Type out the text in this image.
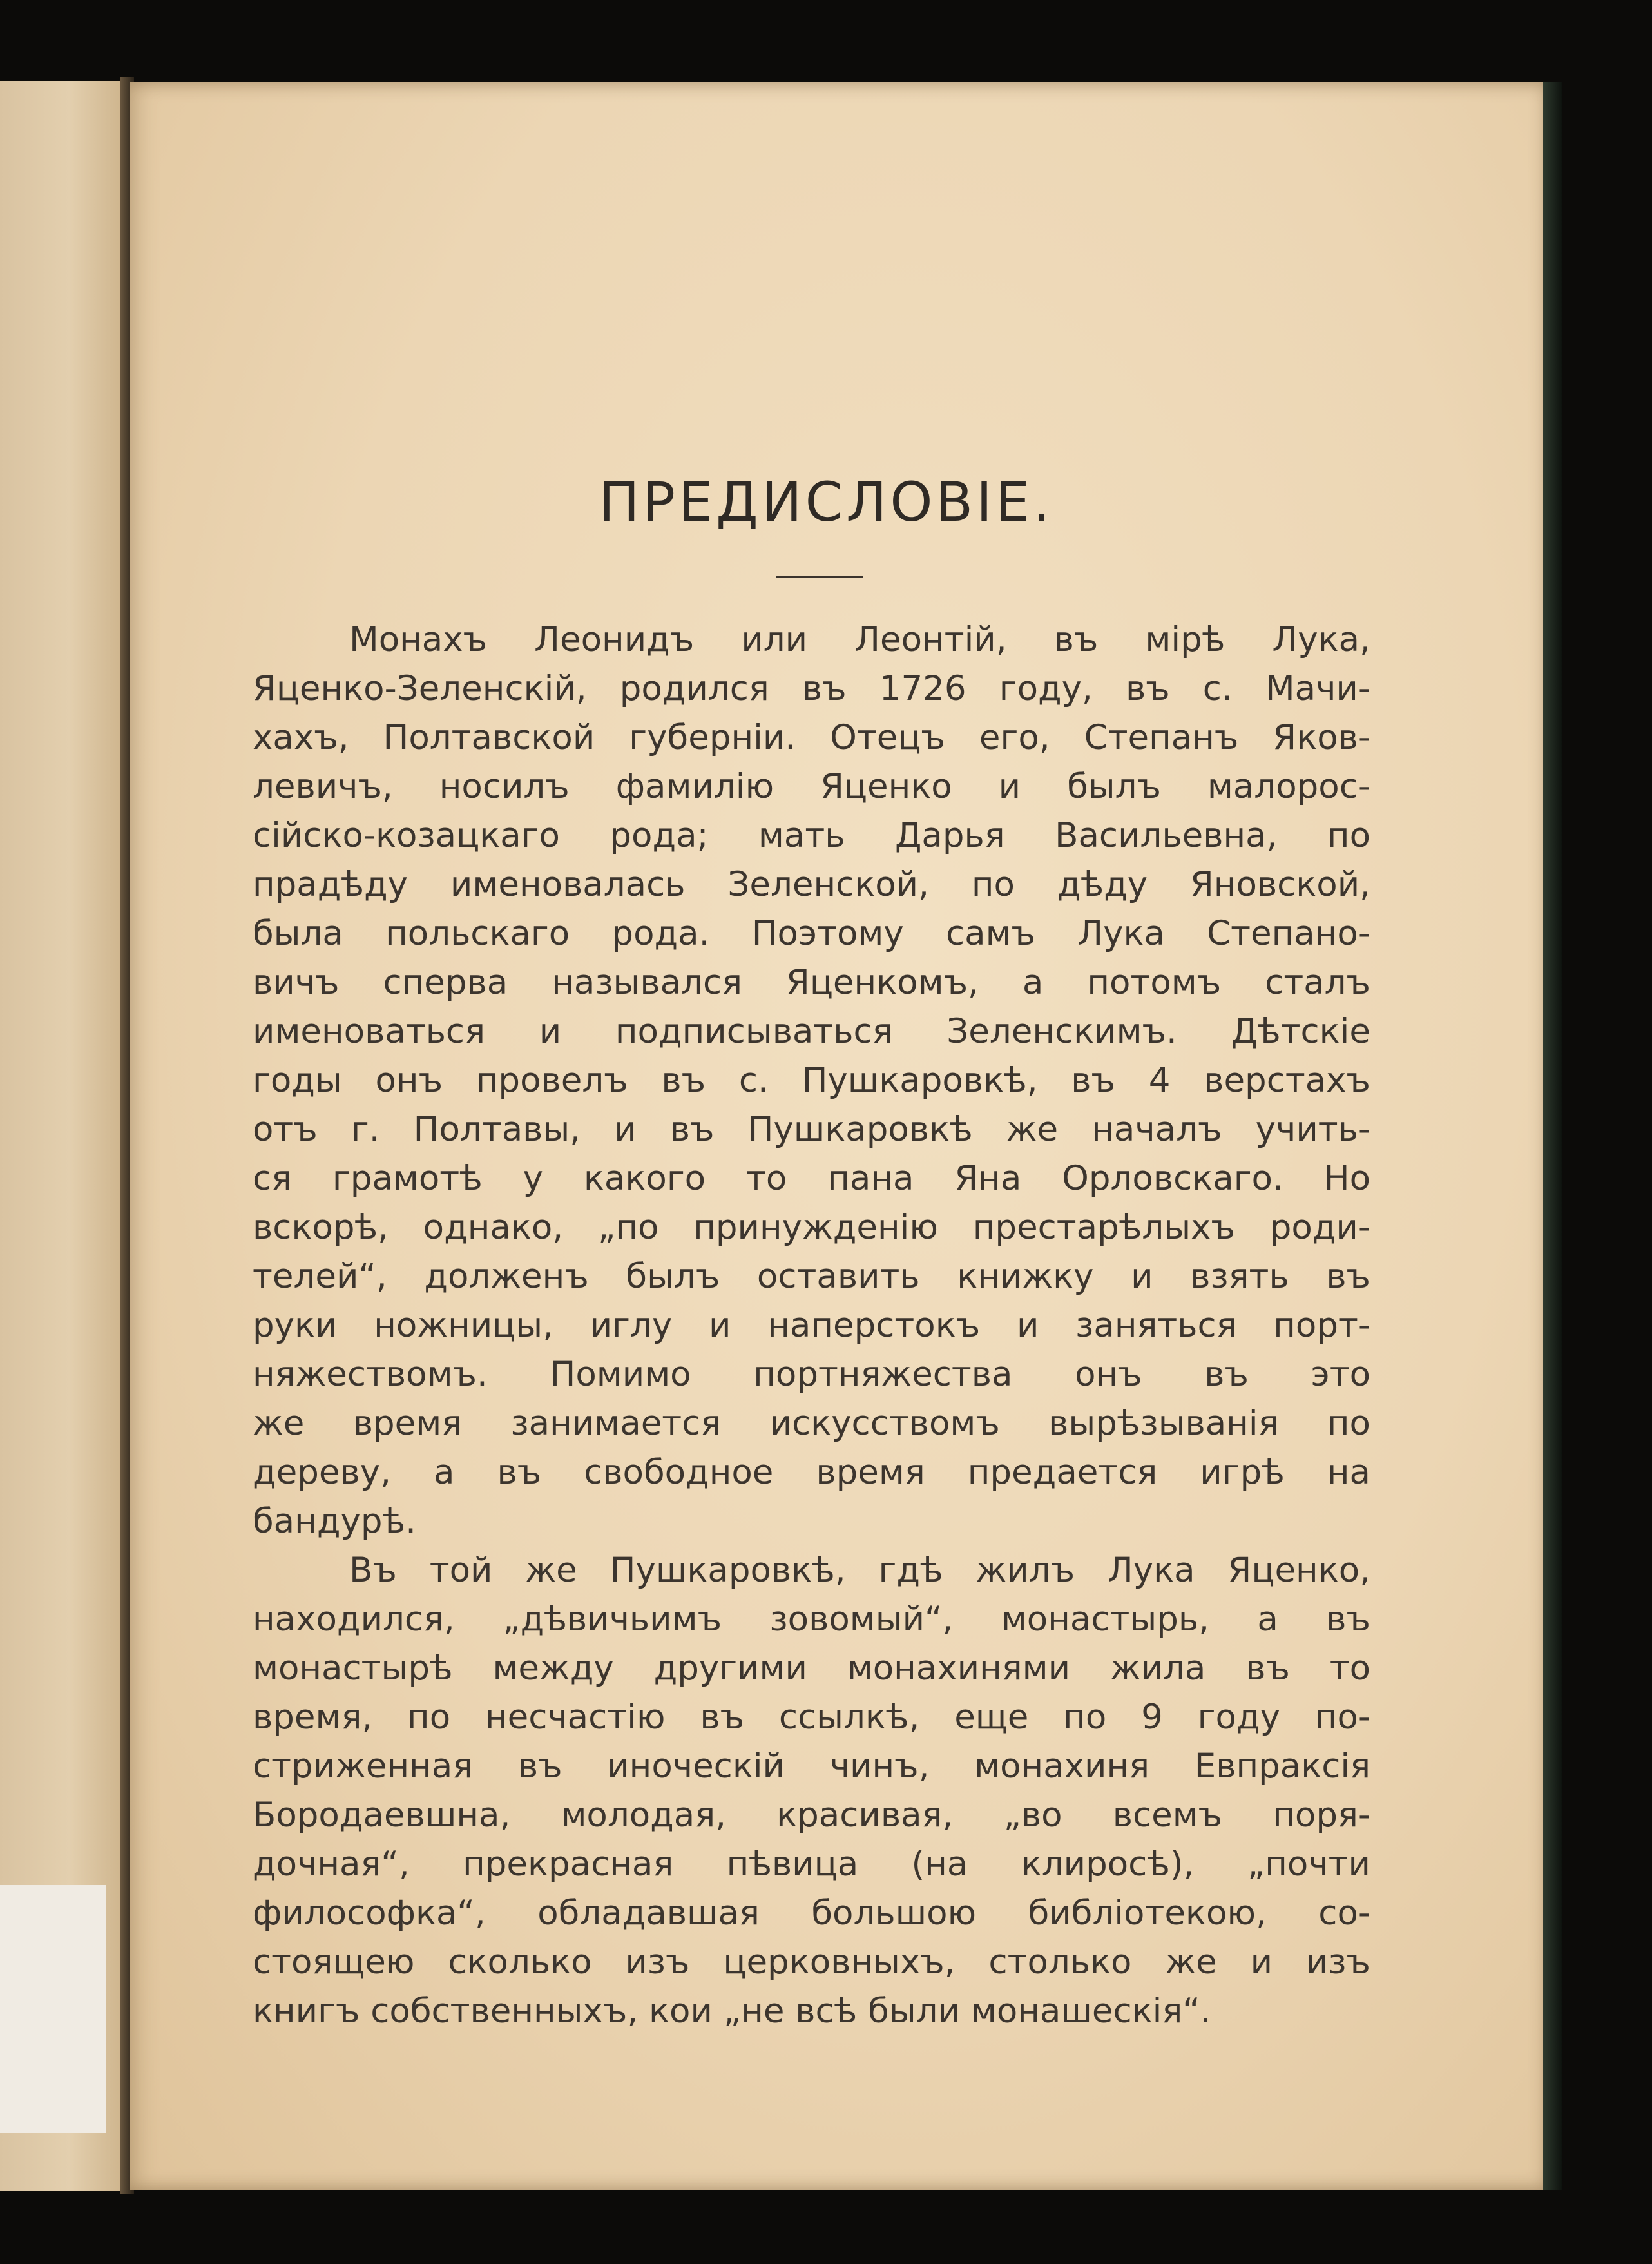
ПРЕДИСЛОВІЕ.
Монахъ Леонидъ или Леонтій, въ мірѣ Лука,
Яценко-Зеленскій, родился въ 1726 году, въ с. Мачи-
хахъ, Полтавской губерніи. Отецъ его, Степанъ Яков-
левичъ, носилъ фамилію Яценко и былъ малорос-
сійско-козацкаго рода; мать Дарья Васильевна, по
прадѣду именовалась Зеленской, по дѣду Яновской,
была польскаго рода. Поэтому самъ Лука Степано-
вичъ сперва назывался Яценкомъ, а потомъ сталъ
именоваться и подписываться Зеленскимъ. Дѣтскіе
годы онъ провелъ въ с. Пушкаровкѣ, въ 4 верстахъ
отъ г. Полтавы, и въ Пушкаровкѣ же началъ учить-
ся грамотѣ у какого то пана Яна Орловскаго. Но
вскорѣ, однако, „по принужденію престарѣлыхъ роди-
телей“, долженъ былъ оставить книжку и взять въ
руки ножницы, иглу и наперстокъ и заняться порт-
няжествомъ. Помимо портняжества онъ въ это
же время занимается искусствомъ вырѣзыванія по
дереву, а въ свободное время предается игрѣ на
бандурѣ.
Въ той же Пушкаровкѣ, гдѣ жилъ Лука Яценко,
находился, „дѣвичьимъ зовомый“, монастырь, а въ
монастырѣ между другими монахинями жила въ то
время, по несчастію въ ссылкѣ, еще по 9 году по-
стриженная въ иноческій чинъ, монахиня Евпраксія
Бородаевшна, молодая, красивая, „во всемъ поря-
дочная“, прекрасная пѣвица (на клиросѣ), „почти
философка“, обладавшая большою библіотекою, со-
стоящею сколько изъ церковныхъ, столько же и изъ
книгъ собственныхъ, кои „не всѣ были монашескія“.
